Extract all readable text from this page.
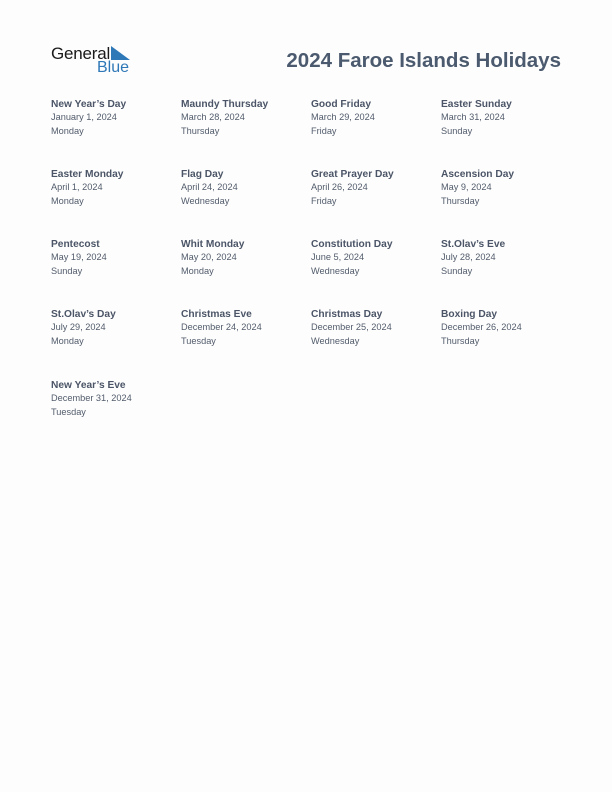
General
Blue	2024 Faroe Islands Holidays
New Year’s Day
January 1, 2024
Monday
Maundy Thursday
March 28, 2024
Thursday
Good Friday
March 29, 2024
Friday
Easter Sunday
March 31, 2024
Sunday
Easter Monday
April 1, 2024
Monday
Flag Day
April 24, 2024
Wednesday
Great Prayer Day
April 26, 2024
Friday
Ascension Day
May 9, 2024
Thursday
Pentecost
May 19, 2024
Sunday
Whit Monday
May 20, 2024
Monday
Constitution Day
June 5, 2024
Wednesday
St.Olav’s Eve
July 28, 2024
Sunday
St.Olav’s Day
July 29, 2024
Monday
Christmas Eve
December 24, 2024
Tuesday
Christmas Day
December 25, 2024
Wednesday
Boxing Day
December 26, 2024
Thursday
New Year’s Eve
December 31, 2024
Tuesday
